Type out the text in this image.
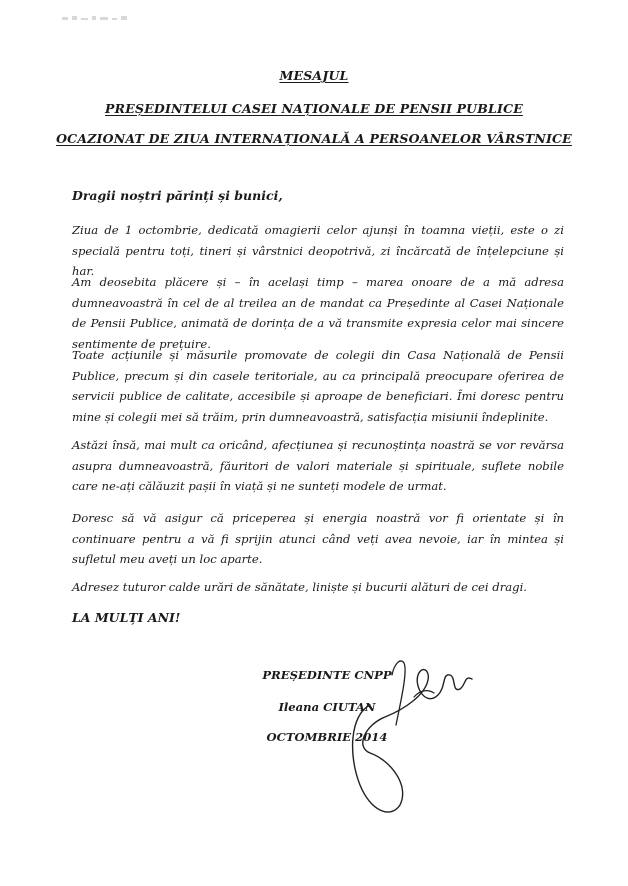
MESAJUL
PREȘEDINTELUI CASEI NAȚIONALE DE PENSII PUBLICE
OCAZIONAT DE ZIUA INTERNAȚIONALĂ A PERSOANELOR VÂRSTNICE
Dragii noștri părinți și bunici,

Ziua de 1 octombrie, dedicată omagierii celor ajunși în toamna vieții, este o zi specială pentru toți, tineri și vârstnici deopotrivă, zi încărcată de înțelepciune și har.

Am deosebita plăcere și – în același timp – marea onoare de a mă adresa dumneavoastră în cel de al treilea an de mandat ca Președinte al Casei Naționale de Pensii Publice, animată de dorința de a vă transmite expresia celor mai sincere sentimente de prețuire.

Toate acțiunile și măsurile promovate de colegii din Casa Națională de Pensii Publice, precum și din casele teritoriale, au ca principală preocupare oferirea de servicii publice de calitate, accesibile și aproape de beneficiari. Îmi doresc pentru mine și colegii mei să trăim, prin dumneavoastră, satisfacția misiunii îndeplinite.

Astăzi însă, mai mult ca oricând, afecțiunea și recunoștința noastră se vor revărsa asupra dumneavoastră, făuritori de valori materiale și spirituale, suflete nobile care ne-ați călăuzit pașii în viață și ne sunteți modele de urmat.

Doresc să vă asigur că priceperea și energia noastră vor fi orientate și în continuare pentru a vă fi sprijin atunci când veți avea nevoie, iar în mintea și sufletul meu aveți un loc aparte.

Adresez tuturor calde urări de sănătate, liniște și bucurii alături de cei dragi.

LA MULȚI ANI!
PREȘEDINTE CNPP
Ileana CIUTAN
OCTOMBRIE 2014
